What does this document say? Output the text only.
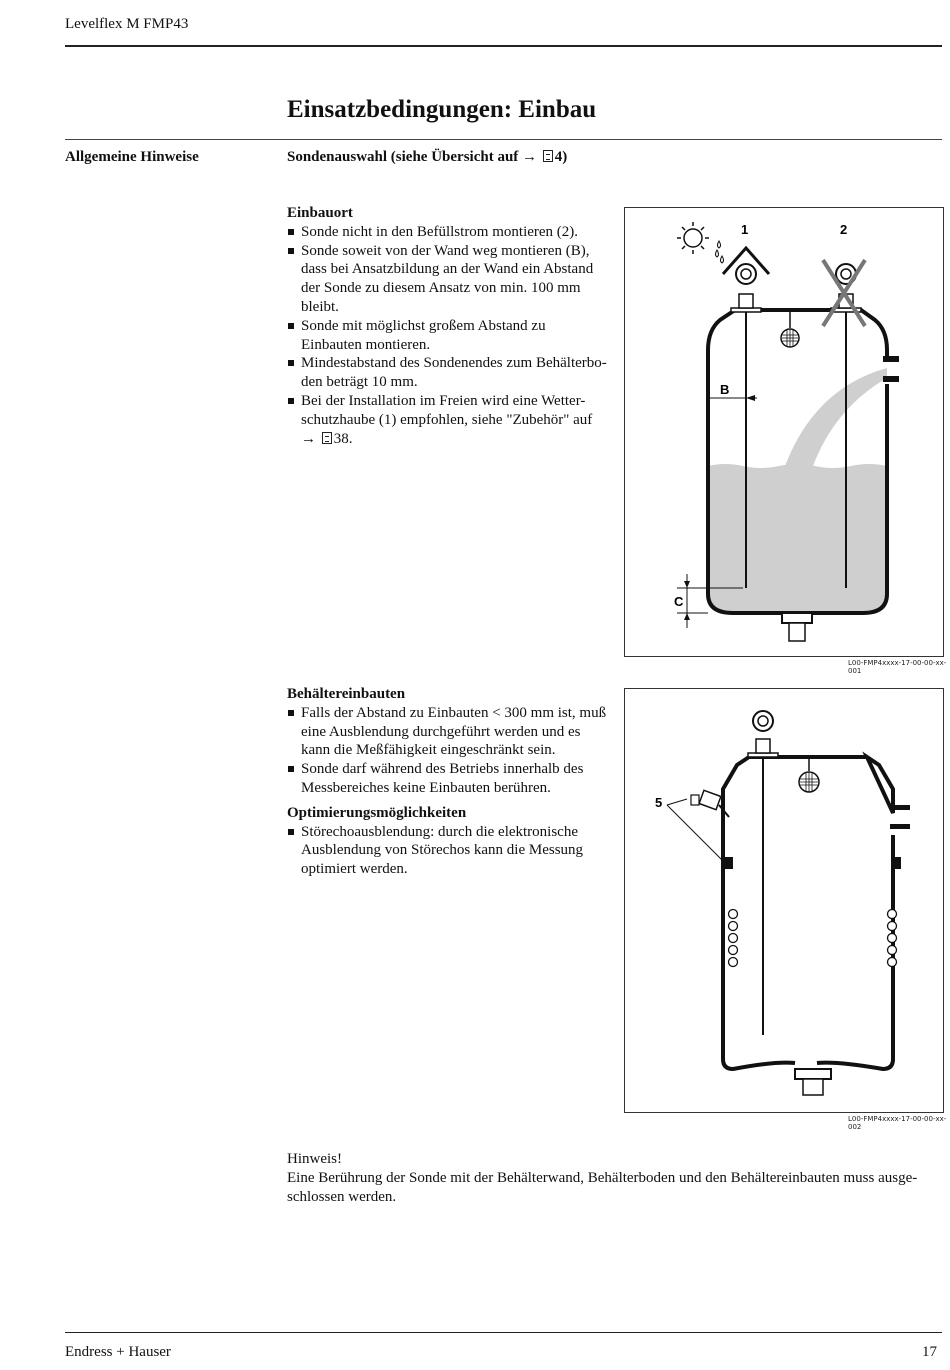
Levelflex M FMP43
Einsatzbedingungen: Einbau
Allgemeine Hinweise	Sondenauswahl (siehe Übersicht auf → 4)
Einbauort
Sonde nicht in den Befüllstrom montieren (2).
Sonde soweit von der Wand weg montieren (B), dass bei Ansatzbildung an der Wand ein Abstand der Sonde zu diesem Ansatz von min. 100 mm bleibt.
Sonde mit möglichst großem Abstand zu Einbauten montieren.
Mindestabstand des Sondenendes zum Behälterbo- den beträgt 10 mm.
Bei der Installation im Freien wird eine Wetter- schutzhaube (1) empfohlen, siehe "Zubehör" auf
→ 38.
1	2
B
C
L00-FMP4xxxx-17-00-00-xx-001
Behältereinbauten
Falls der Abstand zu Einbauten < 300 mm ist, muß eine Ausblendung durchgeführt werden und es kann die Meßfähigkeit eingeschränkt sein.
Sonde darf während des Betriebs innerhalb des Messbereiches keine Einbauten berühren.
Optimierungsmöglichkeiten
Störechoausblendung: durch die elektronische Ausblendung von Störechos kann die Messung optimiert werden.
5
L00-FMP4xxxx-17-00-00-xx-002
Hinweis!
Eine Berührung der Sonde mit der Behälterwand, Behälterboden und den Behältereinbauten muss ausge- schlossen werden.
Endress + Hauser	17
